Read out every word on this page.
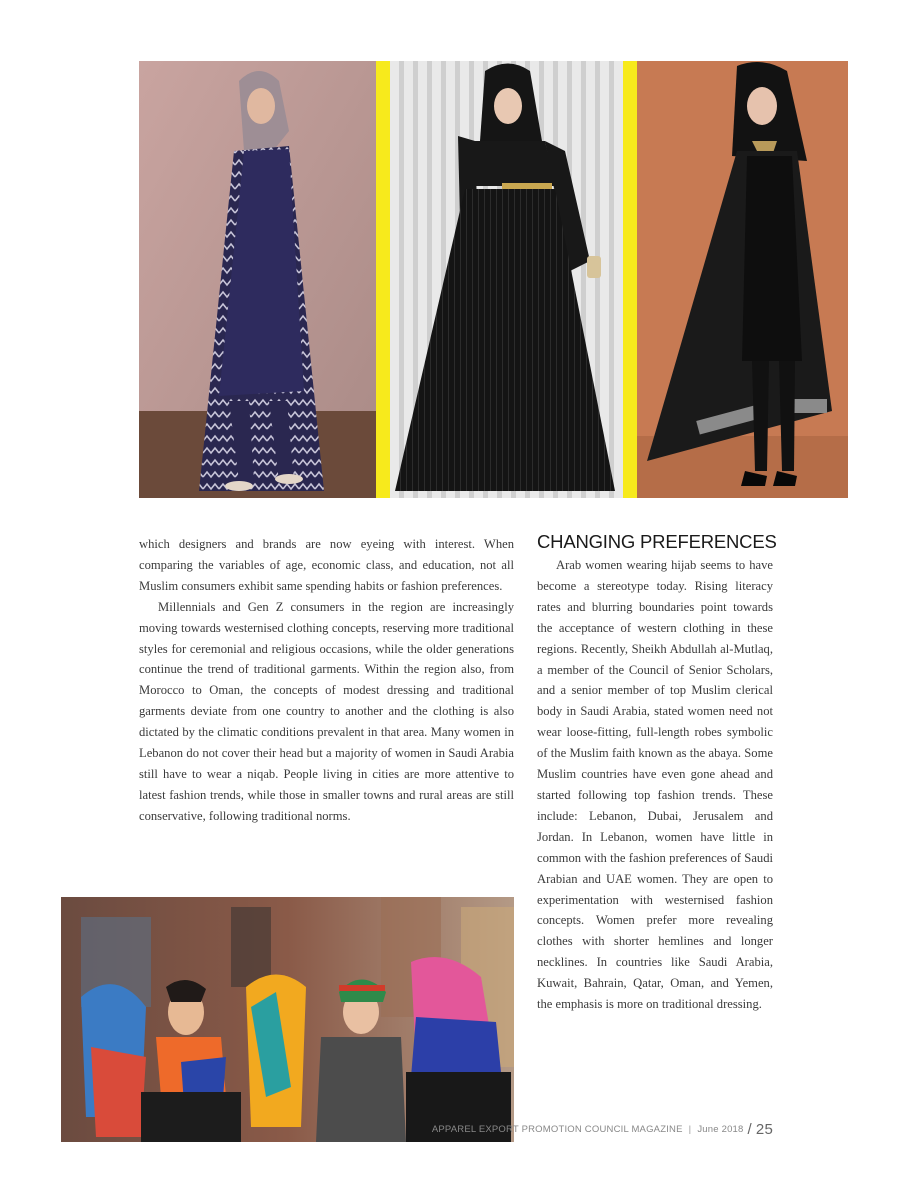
which designers and brands are now eyeing with interest. When comparing the variables of age, economic class, and education, not all Muslim consumers exhibit same spending habits or fashion preferences.

Millennials and Gen Z consumers in the region are increasingly moving towards westernised clothing concepts, reserving more traditional styles for ceremonial and religious occasions, while the older generations continue the trend of traditional garments. Within the region also, from Morocco to Oman, the concepts of modest dressing and traditional garments deviate from one country to another and the clothing is also dictated by the climatic conditions prevalent in that area. Many women in Lebanon do not cover their head but a majority of women in Saudi Arabia still have to wear a niqab. People living in cities are more attentive to latest fashion trends, while those in smaller towns and rural areas are still conservative, following traditional norms.

CHANGING PREFERENCES

Arab women wearing hijab seems to have become a stereotype today. Rising literacy rates and blurring boundaries point towards the acceptance of western clothing in these regions. Recently, Sheikh Abdullah al-Mutlaq, a member of the Council of Senior Scholars, and a senior member of top Muslim clerical body in Saudi Arabia, stated women need not wear loose-fitting, full-length robes symbolic of the Muslim faith known as the abaya. Some Muslim countries have even gone ahead and started following top fashion trends. These include: Lebanon, Dubai, Jerusalem and Jordan. In Lebanon, women have little in common with the fashion preferences of Saudi Arabian and UAE women. They are open to experimentation with westernised fashion concepts. Women prefer more revealing clothes with shorter hemlines and longer necklines. In countries like Saudi Arabia, Kuwait, Bahrain, Qatar, Oman, and Yemen, the emphasis is more on traditional dressing.

APPAREL EXPORT PROMOTION COUNCIL MAGAZINE | June 2018 / 25
